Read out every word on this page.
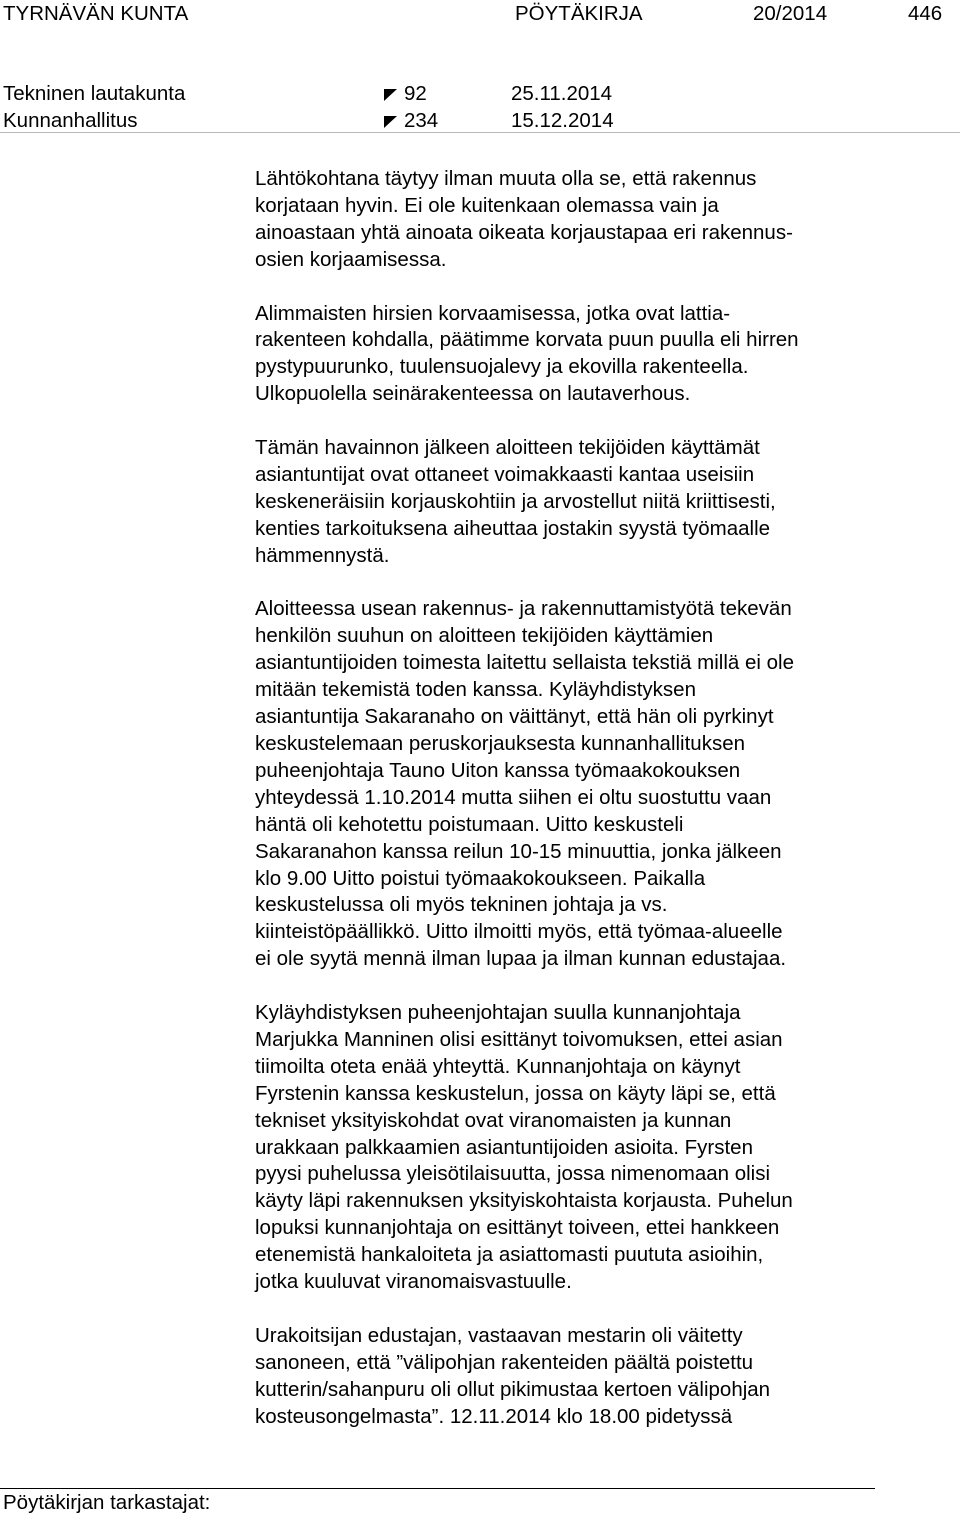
TYRNÄVÄN KUNTA	PÖYTÄKIRJA	20/2014	446
Tekninen lautakunta	92	25.11.2014
Kunnanhallitus	234	15.12.2014
Lähtökohtana täytyy ilman muuta olla se, että rakennus
korjataan hyvin. Ei ole kuitenkaan olemassa vain ja
ainoastaan yhtä ainoata oikeata korjaustapaa eri rakennus-
osien korjaamisessa.
Alimmaisten hirsien korvaamisessa, jotka ovat lattia-
rakenteen kohdalla, päätimme korvata puun puulla eli hirren
pystypuurunko, tuulensuojalevy ja ekovilla rakenteella.
Ulkopuolella seinärakenteessa on lautaverhous.
Tämän havainnon jälkeen aloitteen tekijöiden käyttämät
asiantuntijat ovat ottaneet voimakkaasti kantaa useisiin
keskeneräisiin korjauskohtiin ja arvostellut niitä kriittisesti,
kenties tarkoituksena aiheuttaa jostakin syystä työmaalle
hämmennystä.
Aloitteessa usean rakennus- ja rakennuttamistyötä tekevän
henkilön suuhun on aloitteen tekijöiden käyttämien
asiantuntijoiden toimesta laitettu sellaista tekstiä millä ei ole
mitään tekemistä toden kanssa. Kyläyhdistyksen
asiantuntija Sakaranaho on väittänyt, että hän oli pyrkinyt
keskustelemaan peruskorjauksesta kunnanhallituksen
puheenjohtaja Tauno Uiton kanssa työmaakokouksen
yhteydessä 1.10.2014 mutta siihen ei oltu suostuttu vaan
häntä oli kehotettu poistumaan. Uitto keskusteli
Sakaranahon kanssa reilun 10-15 minuuttia, jonka jälkeen
klo 9.00 Uitto poistui työmaakokoukseen. Paikalla
keskustelussa oli myös tekninen johtaja ja vs.
kiinteistöpäällikkö. Uitto ilmoitti myös, että työmaa-alueelle
ei ole syytä mennä ilman lupaa ja ilman kunnan edustajaa.
Kyläyhdistyksen puheenjohtajan suulla kunnanjohtaja
Marjukka Manninen olisi esittänyt toivomuksen, ettei asian
tiimoilta oteta enää yhteyttä. Kunnanjohtaja on käynyt
Fyrstenin kanssa keskustelun, jossa on käyty läpi se, että
tekniset yksityiskohdat ovat viranomaisten ja kunnan
urakkaan palkkaamien asiantuntijoiden asioita. Fyrsten
pyysi puhelussa yleisötilaisuutta, jossa nimenomaan olisi
käyty läpi rakennuksen yksityiskohtaista korjausta. Puhelun
lopuksi kunnanjohtaja on esittänyt toiveen, ettei hankkeen
etenemistä hankaloiteta ja asiattomasti puututa asioihin,
jotka kuuluvat viranomaisvastuulle.
Urakoitsijan edustajan, vastaavan mestarin oli väitetty
sanoneen, että ”välipohjan rakenteiden päältä poistettu
kutterin/sahanpuru oli ollut pikimustaa kertoen välipohjan
kosteusongelmasta”. 12.11.2014 klo 18.00 pidetyssä
Pöytäkirjan tarkastajat:
